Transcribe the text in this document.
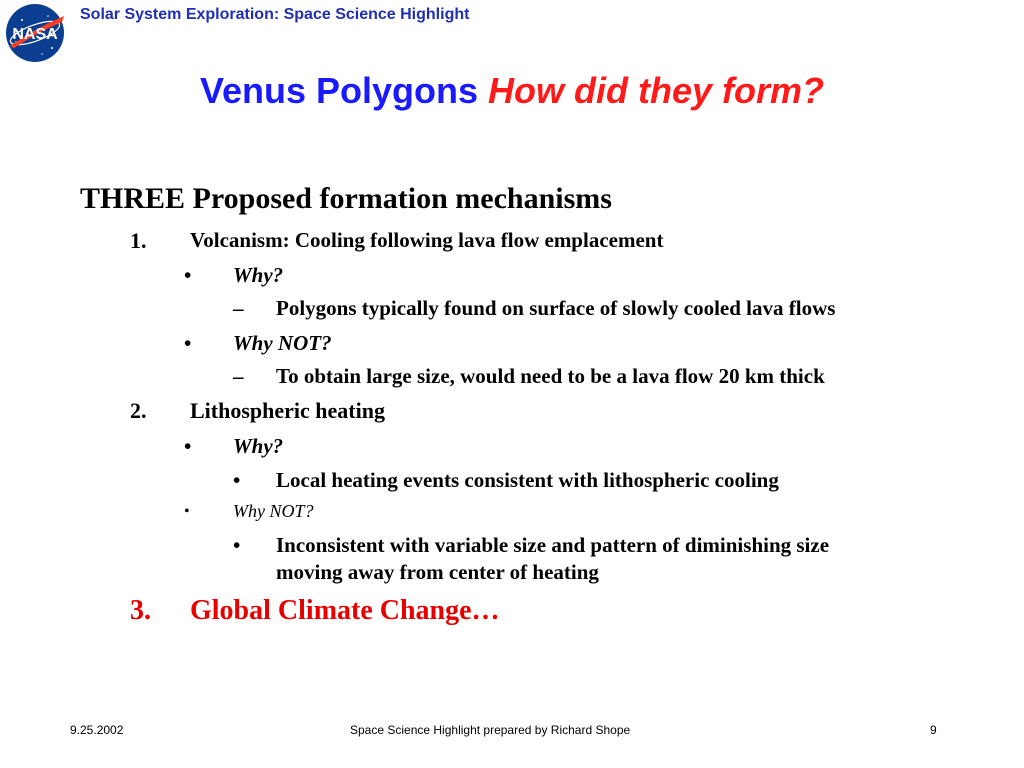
NASA
Solar System Exploration: Space Science Highlight
Venus Polygons How did they form?
THREE Proposed formation mechanisms
1. Volcanism: Cooling following lava flow emplacement
• Why?
– Polygons typically found on surface of slowly cooled lava flows
• Why NOT?
– To obtain large size, would need to be a lava flow 20 km thick
2. Lithospheric heating
• Why?
• Local heating events consistent with lithospheric cooling
• Why NOT?
• Inconsistent with variable size and pattern of diminishing size
moving away from center of heating
3. Global Climate Change…
9.25.2002	Space Science Highlight prepared by Richard Shope	9
